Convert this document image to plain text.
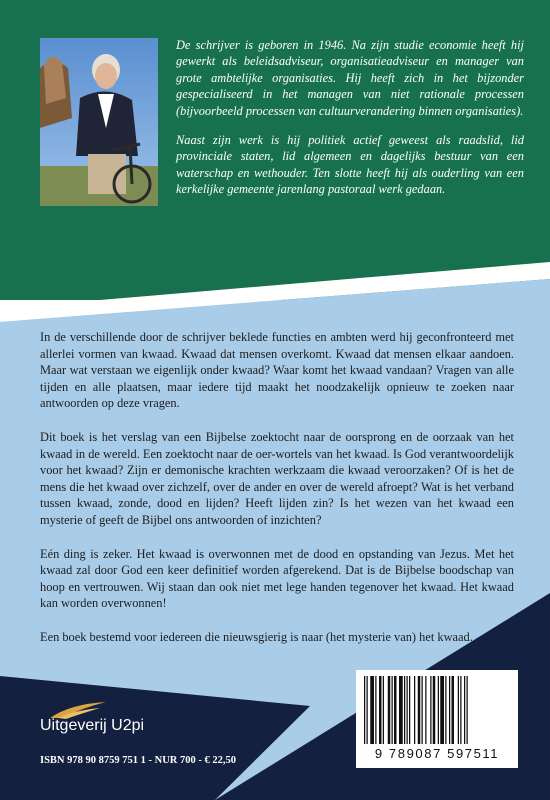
De schrijver is geboren in 1946. Na zijn studie economie heeft hij gewerkt als beleidsadviseur, organisatieadviseur en manager van grote ambtelijke organisaties. Hij heeft zich in het bijzonder gespecialiseerd in het managen van niet rationale processen (bijvoorbeeld processen van cultuurverandering binnen organisaties).

Naast zijn werk is hij politiek actief geweest als raadslid, lid provinciale staten, lid algemeen en dagelijks bestuur van een waterschap en wethouder. Ten slotte heeft hij als ouderling van een kerkelijke gemeente jarenlang pastoraal werk gedaan.

In de verschillende door de schrijver beklede functies en ambten werd hij geconfronteerd met allerlei vormen van kwaad. Kwaad dat mensen overkomt. Kwaad dat mensen elkaar aandoen. Maar wat verstaan we eigenlijk onder kwaad? Waar komt het kwaad vandaan? Vragen van alle tijden en alle plaatsen, maar iedere tijd maakt het noodzakelijk opnieuw te zoeken naar antwoorden op deze vragen.

Dit boek is het verslag van een Bijbelse zoektocht naar de oorsprong en de oorzaak van het kwaad in de wereld. Een zoektocht naar de oer-wortels van het kwaad. Is God verantwoordelijk voor het kwaad? Zijn er demonische krachten werkzaam die kwaad veroorzaken? Of is het de mens die het kwaad over zichzelf, over de ander en over de wereld afroept? Wat is het verband tussen kwaad, zonde, dood en lijden? Heeft lijden zin? Is het wezen van het kwaad een mysterie of geeft de Bijbel ons antwoorden of inzichten?

Eén ding is zeker. Het kwaad is overwonnen met de dood en opstanding van Jezus. Met het kwaad zal door God een keer definitief worden afgerekend. Dat is de Bijbelse boodschap van hoop en vertrouwen. Wij staan dan ook niet met lege handen tegenover het kwaad. Het kwaad kan worden overwonnen!

Een boek bestemd voor iedereen die nieuwsgierig is naar (het mysterie van) het kwaad.

9 789087 597511
Uitgeverij U2pi
ISBN 978 90 8759 751 1 - NUR 700 - € 22,50
